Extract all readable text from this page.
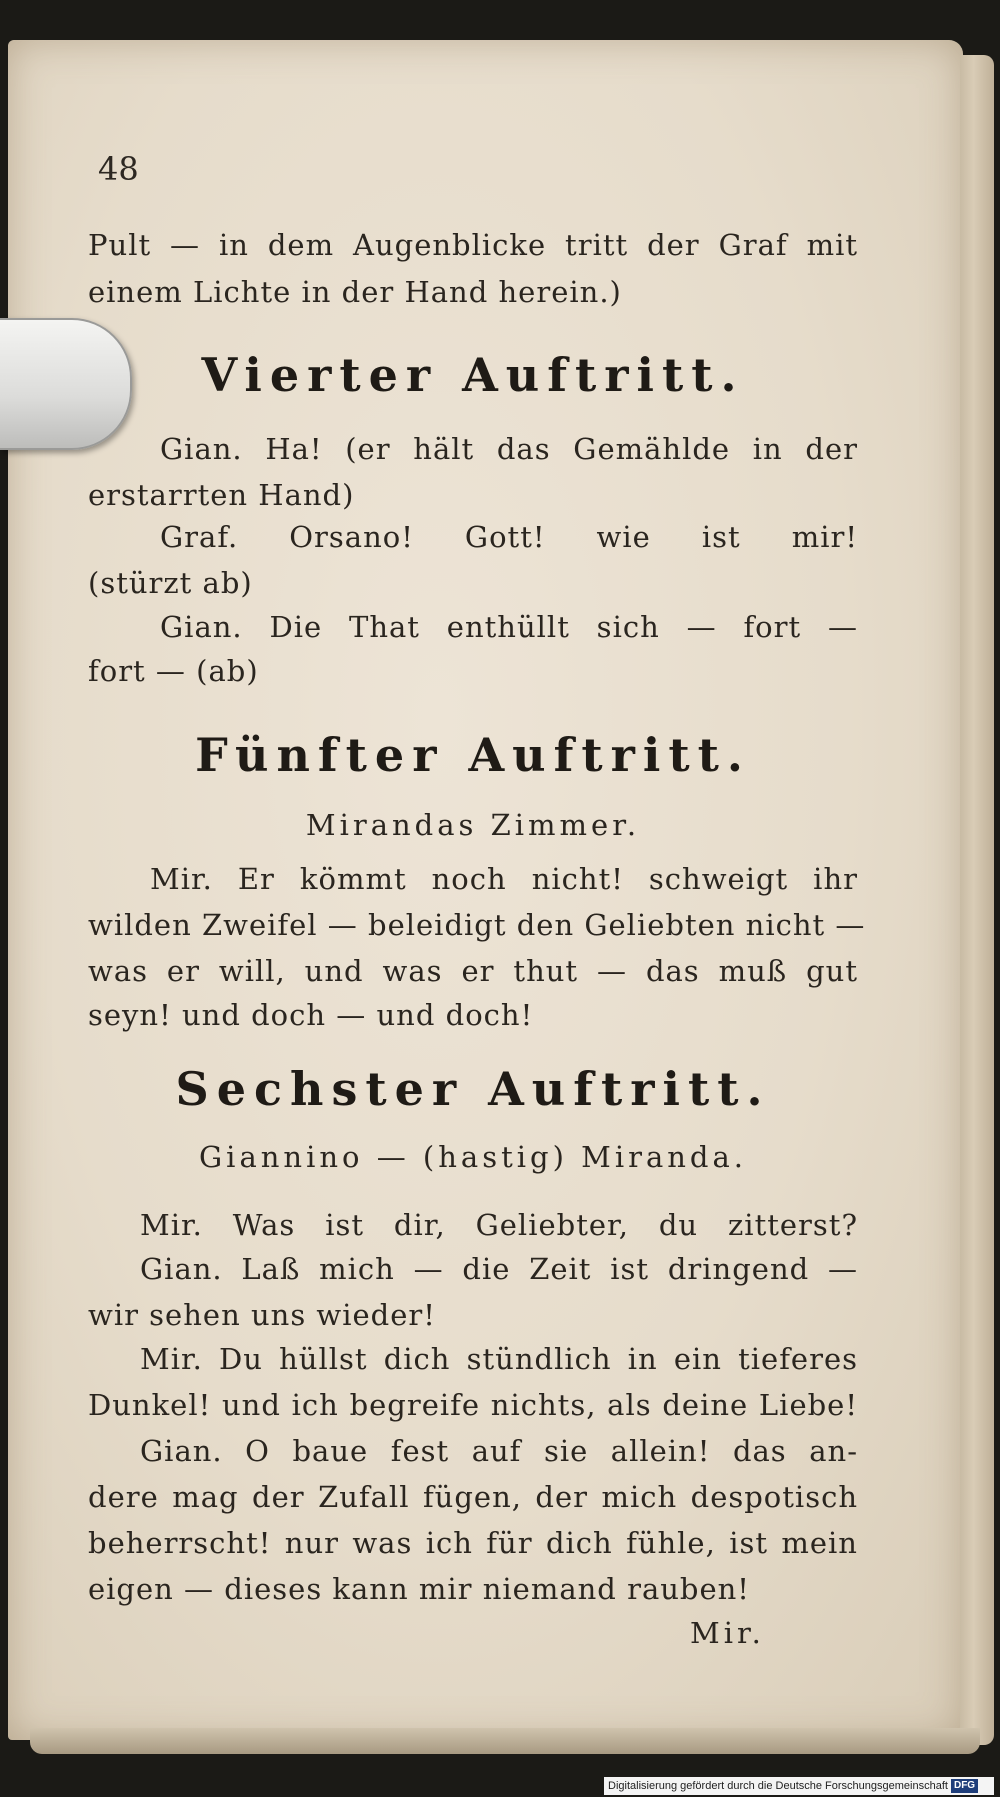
48
Pult — in dem Augenblicke tritt der Graf mit
einem Lichte in der Hand herein.)
Vierter Auftritt.
Gian. Ha! (er hält das Gemählde in der
erstarrten Hand)
Graf. Orsano! Gott! wie ist mir!
(stürzt ab)
Gian. Die That enthüllt sich — fort —
fort — (ab)
Fünfter Auftritt.
Mirandas Zimmer.
Mir. Er kömmt noch nicht! schweigt ihr
wilden Zweifel — beleidigt den Geliebten nicht —
was er will, und was er thut — das muß gut
seyn! und doch — und doch!
Sechster Auftritt.
Giannino — (hastig) Miranda.
Mir. Was ist dir, Geliebter, du zitterst?
Gian. Laß mich — die Zeit ist dringend —
wir sehen uns wieder!
Mir. Du hüllst dich stündlich in ein tieferes
Dunkel! und ich begreife nichts, als deine Liebe!
Gian. O baue fest auf sie allein! das an-
dere mag der Zufall fügen, der mich despotisch
beherrscht! nur was ich für dich fühle, ist mein
eigen — dieses kann mir niemand rauben!
Mir.
Digitalisierung gefördert durch die Deutsche Forschungsgemeinschaft DFG
